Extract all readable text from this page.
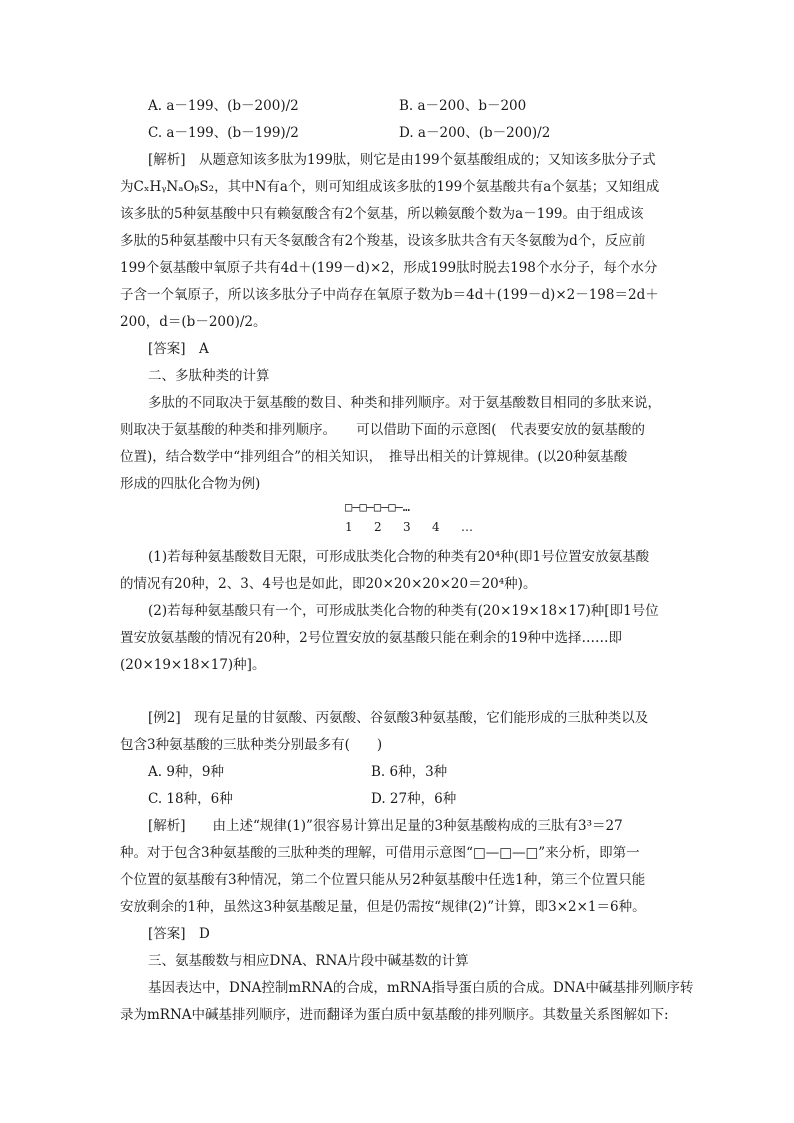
A. a－199、(b－200)/2	B. a－200、b－200
C. a－199、(b－199)/2	D. a－200、(b－200)/2
[解析]　从题意知该多肽为199肽，则它是由199个氨基酸组成的；又知该多肽分子式
为CₓHᵧNₐOᵦS₂，其中N有a个，则可知组成该多肽的199个氨基酸共有a个氨基；又知组成
该多肽的5种氨基酸中只有赖氨酸含有2个氨基，所以赖氨酸个数为a－199。由于组成该
多肽的5种氨基酸中只有天冬氨酸含有2个羧基，设该多肽共含有天冬氨酸为d个，反应前
199个氨基酸中氧原子共有4d＋(199－d)×2，形成199肽时脱去198个水分子，每个水分
子含一个氧原子，所以该多肽分子中尚存在氧原子数为b＝4d＋(199－d)×2－198＝2d＋
200，d＝(b－200)/2。
[答案]　A
二、多肽种类的计算
多肽的不同取决于氨基酸的数目、种类和排列顺序。对于氨基酸数目相同的多肽来说，
则取决于氨基酸的种类和排列顺序。　　可以借助下面的示意图(　代表要安放的氨基酸的
位置)，结合数学中“排列组合”的相关知识，　推导出相关的计算规律。(以20种氨基酸
形成的四肽化合物为例)
□—□—□—□—…
1 2 3 4 …
(1)若每种氨基酸数目无限，可形成肽类化合物的种类有20⁴种(即1号位置安放氨基酸
的情况有20种，2、3、4号也是如此，即20×20×20×20＝20⁴种)。
(2)若每种氨基酸只有一个，可形成肽类化合物的种类有(20×19×18×17)种[即1号位
置安放氨基酸的情况有20种，2号位置安放的氨基酸只能在剩余的19种中选择……即
(20×19×18×17)种]。
[例2]　现有足量的甘氨酸、丙氨酸、谷氨酸3种氨基酸，它们能形成的三肽种类以及
包含3种氨基酸的三肽种类分别最多有(　　)
A. 9种，9种	B. 6种，3种
C. 18种，6种	D. 27种，6种
[解析]　　由上述“规律(1)”很容易计算出足量的3种氨基酸构成的三肽有3³＝27
种。对于包含3种氨基酸的三肽种类的理解，可借用示意图“□—□—□”来分析，即第一
个位置的氨基酸有3种情况，第二个位置只能从另2种氨基酸中任选1种，第三个位置只能
安放剩余的1种，虽然这3种氨基酸足量，但是仍需按“规律(2)”计算，即3×2×1＝6种。
[答案]　D
三、氨基酸数与相应DNA、RNA片段中碱基数的计算
基因表达中，DNA控制mRNA的合成，mRNA指导蛋白质的合成。DNA中碱基排列顺序转
录为mRNA中碱基排列顺序，进而翻译为蛋白质中氨基酸的排列顺序。其数量关系图解如下:
